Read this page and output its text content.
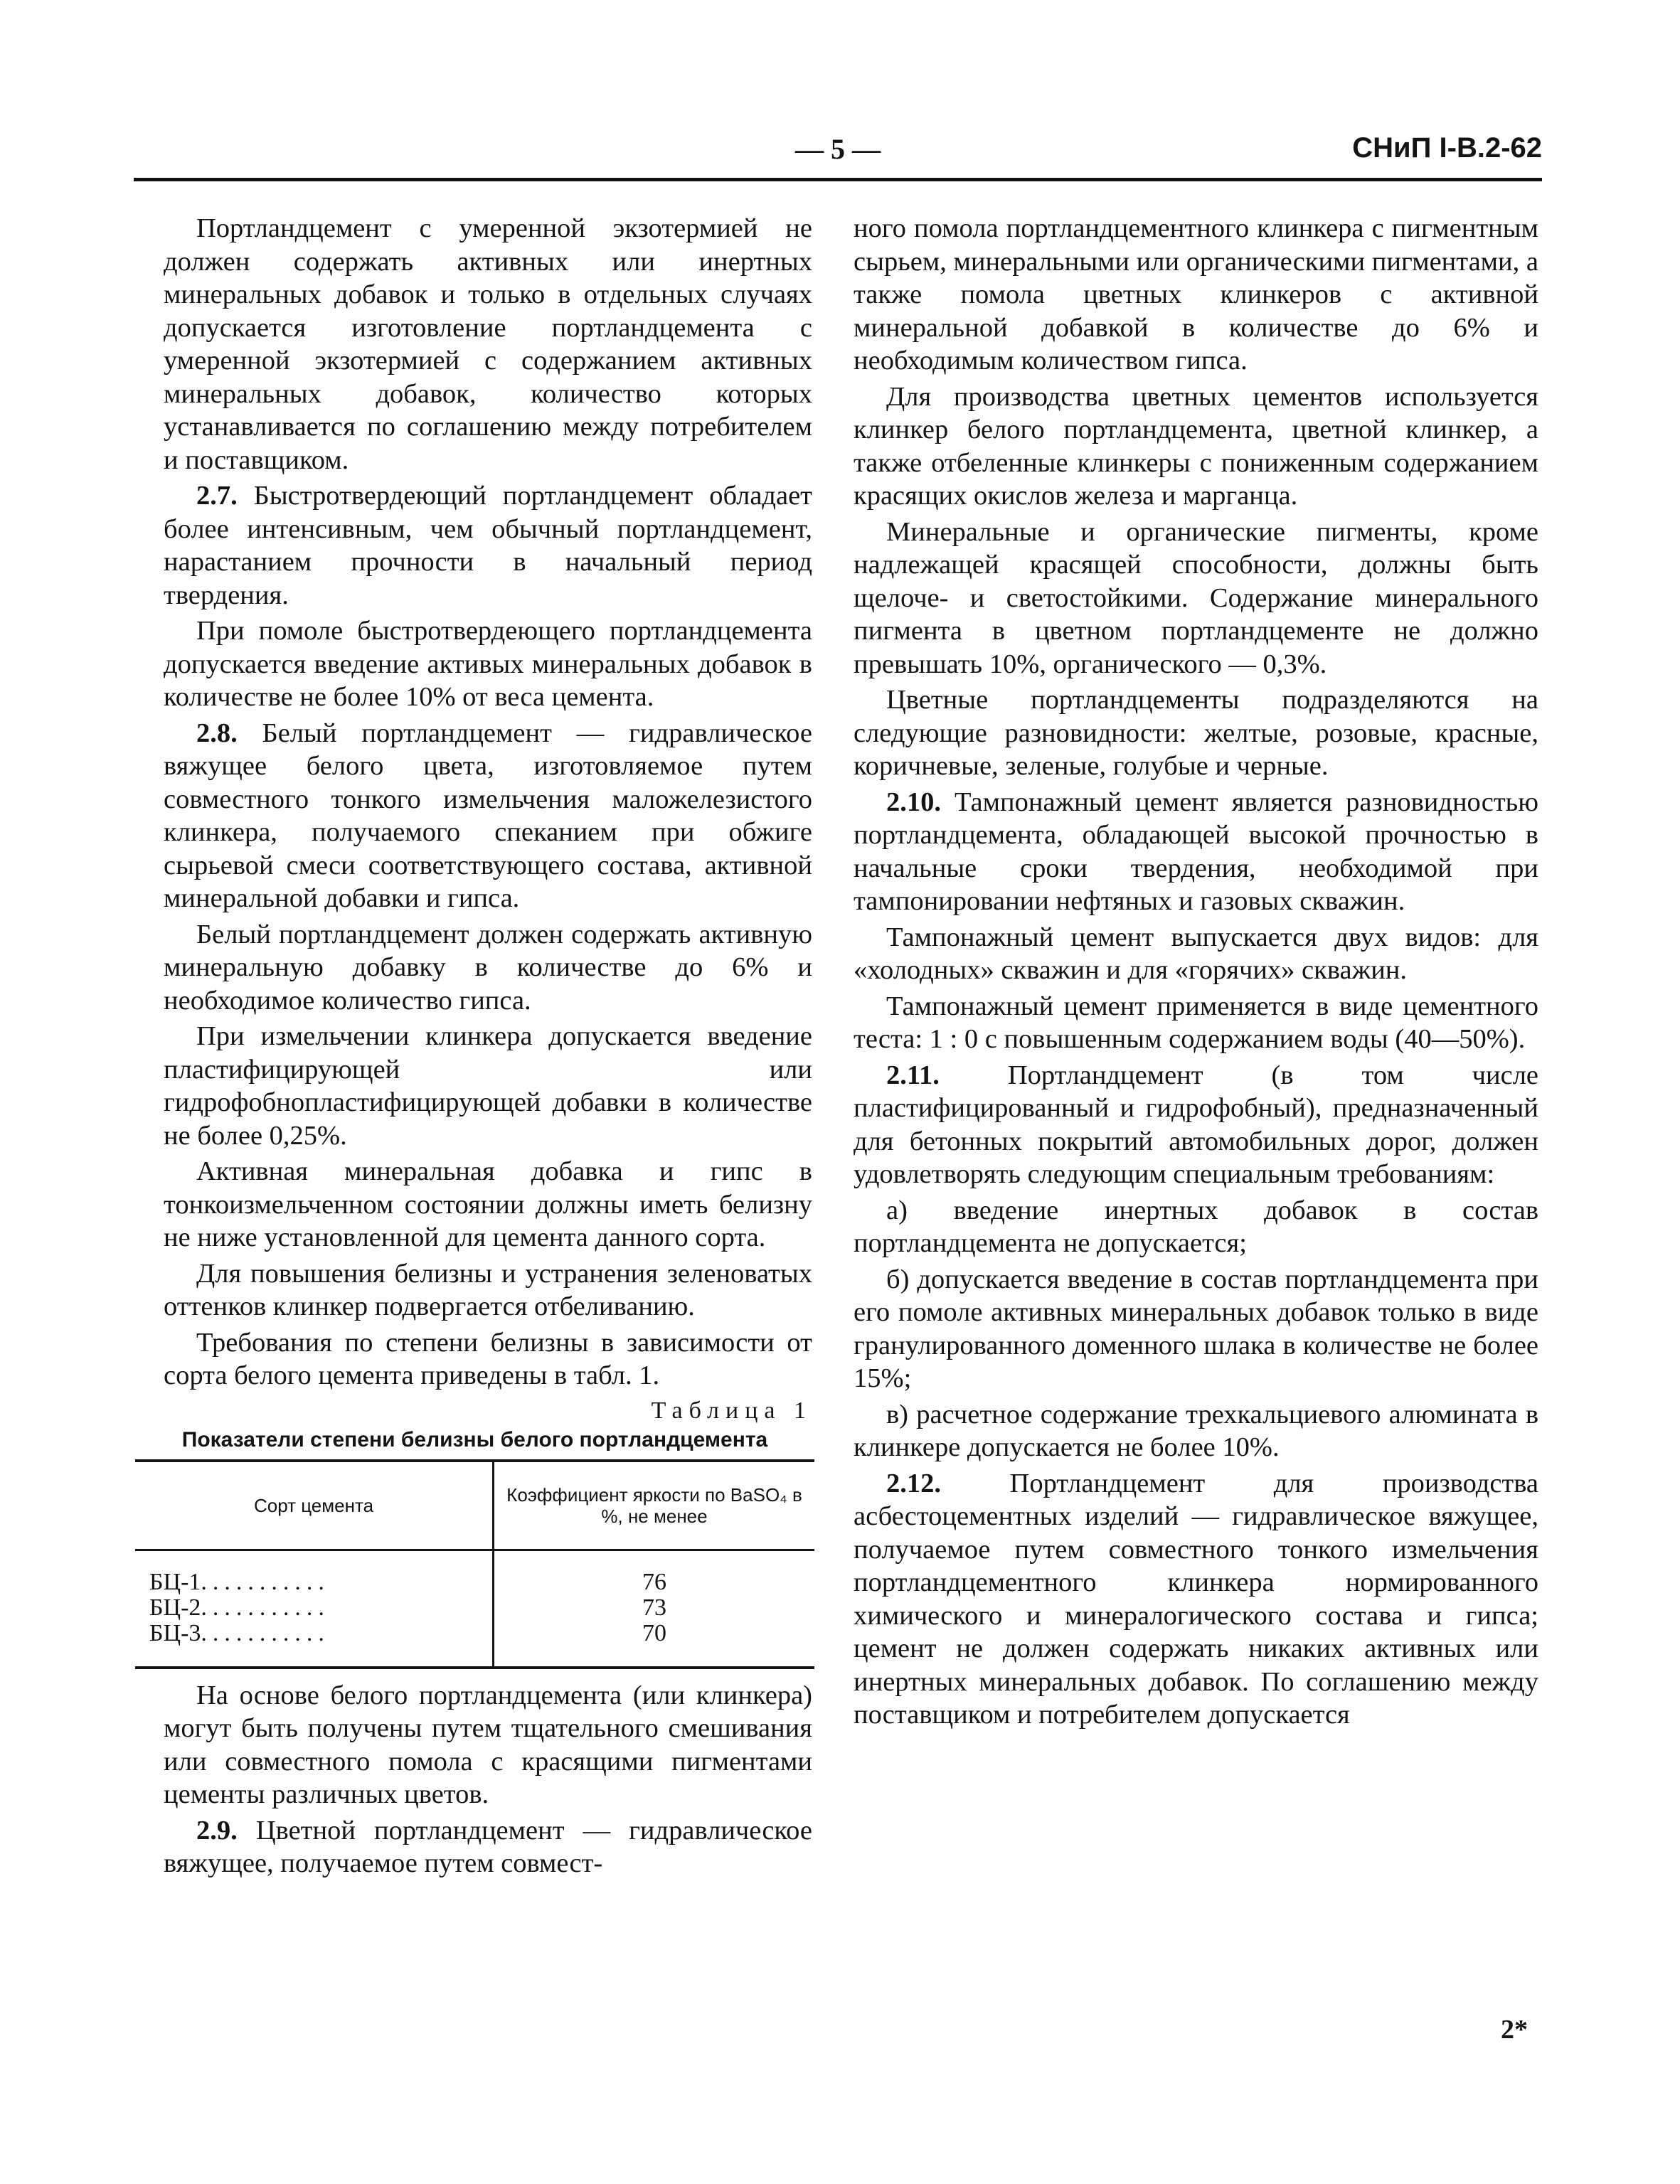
— 5 —	СНиП I-В.2-62

Портландцемент с умеренной экзотермией не должен содержать активных или инертных минеральных добавок и только в отдельных случаях допускается изготовление портландцемента с умеренной экзотермией с содержанием активных минеральных добавок, количество которых устанавливается по соглашению между потребителем и поставщиком.

2.7. Быстротвердеющий портландцемент обладает более интенсивным, чем обычный портландцемент, нарастанием прочности в начальный период твердения.

При помоле быстротвердеющего портландцемента допускается введение активых минеральных добавок в количестве не более 10% от веса цемента.

2.8. Белый портландцемент — гидравлическое вяжущее белого цвета, изготовляемое путем совместного тонкого измельчения маложелезистого клинкера, получаемого спеканием при обжиге сырьевой смеси соответствующего состава, активной минеральной добавки и гипса.

Белый портландцемент должен содержать активную минеральную добавку в количестве до 6% и необходимое количество гипса.

При измельчении клинкера допускается введение пластифицирующей или гидрофобнопластифицирующей добавки в количестве не более 0,25%.

Активная минеральная добавка и гипс в тонкоизмельченном состоянии должны иметь белизну не ниже установленной для цемента данного сорта.

Для повышения белизны и устранения зеленоватых оттенков клинкер подвергается отбеливанию.

Требования по степени белизны в зависимости от сорта белого цемента приведены в табл. 1.

Таблица 1
Показатели степени белизны белого портландцемента
Сорт цемента	Коэффициент яркости по BaSO₄ в %, не менее
БЦ-1...........	76
БЦ-2...........	73
БЦ-3...........	70

На основе белого портландцемента (или клинкера) могут быть получены путем тщательного смешивания или совместного помола с красящими пигментами цементы различных цветов.

2.9. Цветной портландцемент — гидравлическое вяжущее, получаемое путем совмест-

ного помола портландцементного клинкера с пигментным сырьем, минеральными или органическими пигментами, а также помола цветных клинкеров с активной минеральной добавкой в количестве до 6% и необходимым количеством гипса.

Для производства цветных цементов используется клинкер белого портландцемента, цветной клинкер, а также отбеленные клинкеры с пониженным содержанием красящих окислов железа и марганца.

Минеральные и органические пигменты, кроме надлежащей красящей способности, должны быть щелоче- и светостойкими. Содержание минерального пигмента в цветном портландцементе не должно превышать 10%, органического — 0,3%.

Цветные портландцементы подразделяются на следующие разновидности: желтые, розовые, красные, коричневые, зеленые, голубые и черные.

2.10. Тампонажный цемент является разновидностью портландцемента, обладающей высокой прочностью в начальные сроки твердения, необходимой при тампонировании нефтяных и газовых скважин.

Тампонажный цемент выпускается двух видов: для «холодных» скважин и для «горячих» скважин.

Тампонажный цемент применяется в виде цементного теста: 1 : 0 с повышенным содержанием воды (40—50%).

2.11. Портландцемент (в том числе пластифицированный и гидрофобный), предназначенный для бетонных покрытий автомобильных дорог, должен удовлетворять следующим специальным требованиям:

а) введение инертных добавок в состав портландцемента не допускается;

б) допускается введение в состав портландцемента при его помоле активных минеральных добавок только в виде гранулированного доменного шлака в количестве не более 15%;

в) расчетное содержание трехкальциевого алюмината в клинкере допускается не более 10%.

2.12.	Портландцемент для производства асбестоцементных изделий — гидравлическое вяжущее, получаемое путем совместного тонкого измельчения портландцементного клинкера нормированного химического и минералогического состава и гипса; цемент не должен содержать никаких активных или инертных минеральных добавок. По соглашению между поставщиком и потребителем допускается

2*
